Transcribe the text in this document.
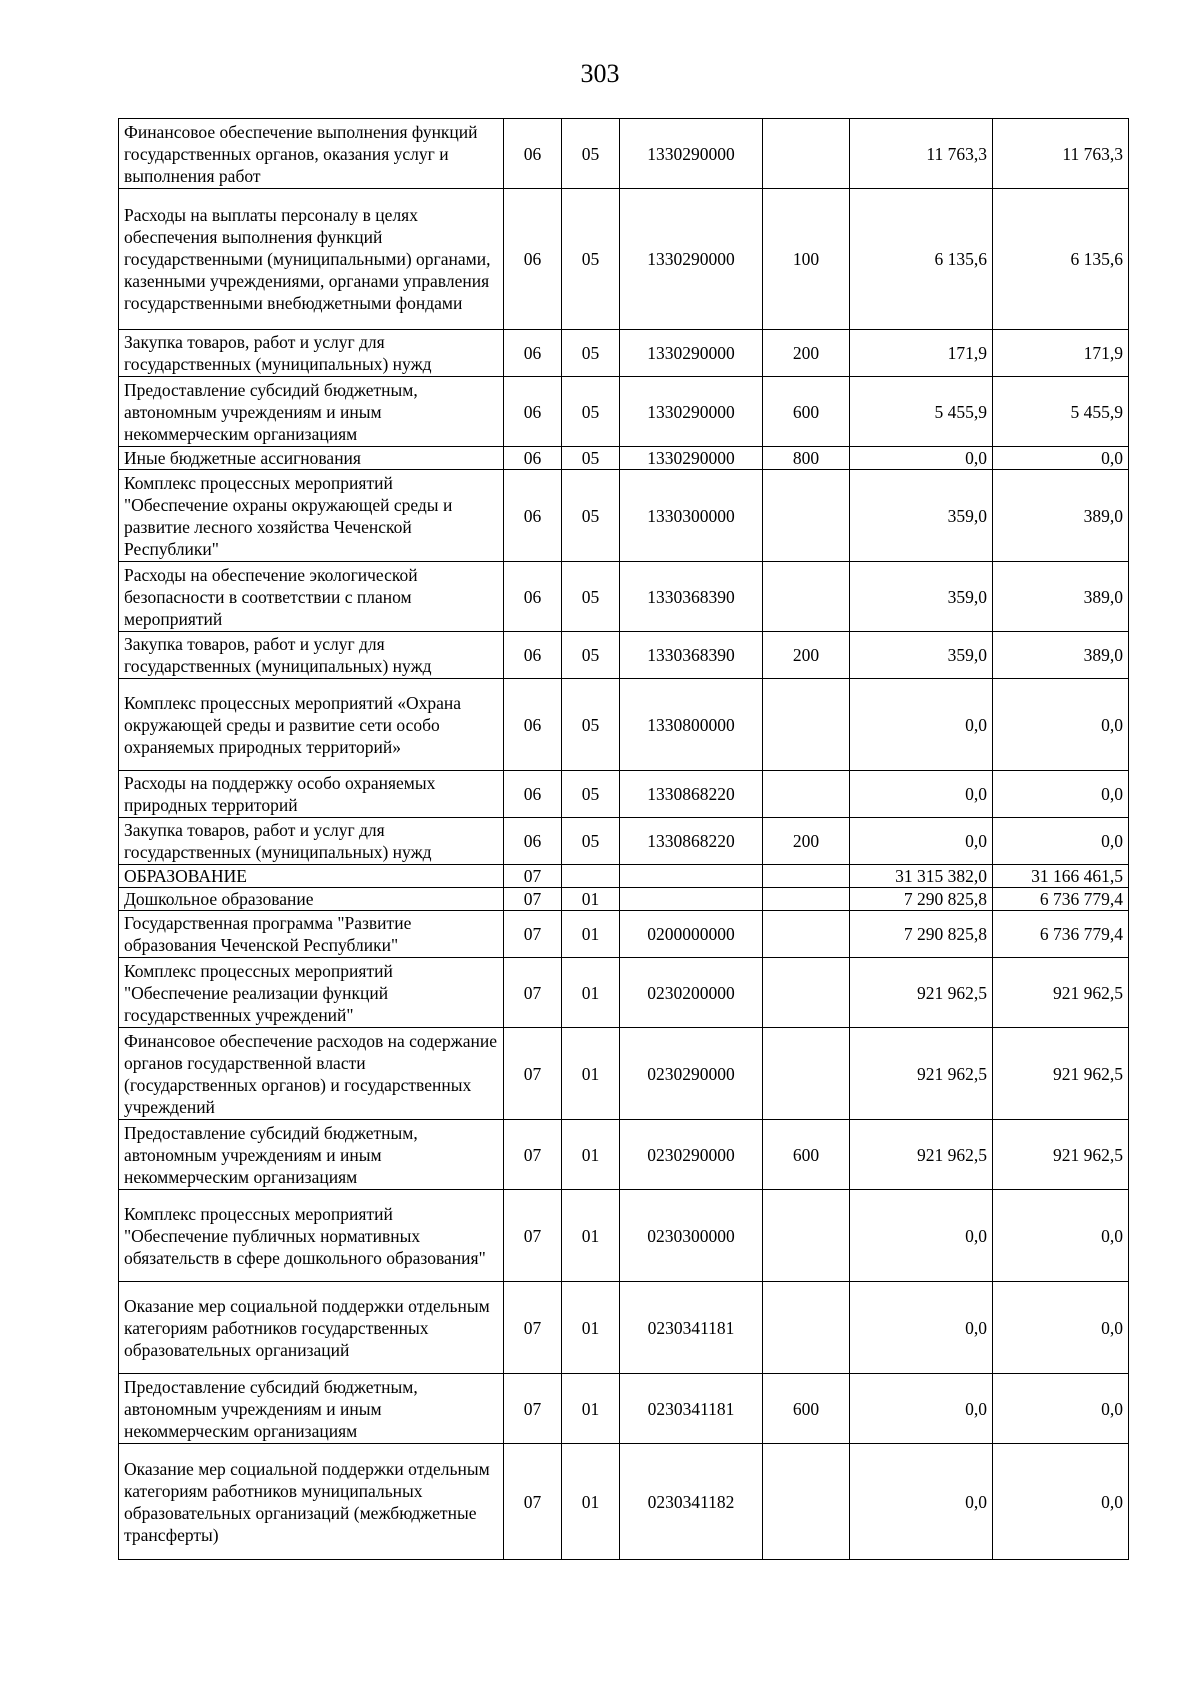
303
Финансовое обеспечение выполнения функций государственных органов, оказания услуг и выполнения работ	06	05	1330290000		11 763,3	11 763,3
Расходы на выплаты персоналу в целях обеспечения выполнения функций государственными (муниципальными) органами, казенными учреждениями, органами управления государственными внебюджетными фондами	06	05	1330290000	100	6 135,6	6 135,6
Закупка товаров, работ и услуг для государственных (муниципальных) нужд	06	05	1330290000	200	171,9	171,9
Предоставление субсидий бюджетным, автономным учреждениям и иным некоммерческим организациям	06	05	1330290000	600	5 455,9	5 455,9
Иные бюджетные ассигнования	06	05	1330290000	800	0,0	0,0
Комплекс процессных мероприятий "Обеспечение охраны окружающей среды и развитие лесного хозяйства Чеченской Республики"	06	05	1330300000		359,0	389,0
Расходы на обеспечение экологической безопасности в соответствии с планом мероприятий	06	05	1330368390		359,0	389,0
Закупка товаров, работ и услуг для государственных (муниципальных) нужд	06	05	1330368390	200	359,0	389,0
Комплекс процессных мероприятий «Охрана окружающей среды и развитие сети особо охраняемых природных территорий»	06	05	1330800000		0,0	0,0
Расходы на поддержку особо охраняемых природных территорий	06	05	1330868220		0,0	0,0
Закупка товаров, работ и услуг для государственных (муниципальных) нужд	06	05	1330868220	200	0,0	0,0
ОБРАЗОВАНИЕ	07				31 315 382,0	31 166 461,5
Дошкольное образование	07	01			7 290 825,8	6 736 779,4
Государственная программа "Развитие образования Чеченской Республики"	07	01	0200000000		7 290 825,8	6 736 779,4
Комплекс процессных мероприятий "Обеспечение реализации функций государственных учреждений"	07	01	0230200000		921 962,5	921 962,5
Финансовое обеспечение расходов на содержание органов государственной власти (государственных органов) и государственных учреждений	07	01	0230290000		921 962,5	921 962,5
Предоставление субсидий бюджетным, автономным учреждениям и иным некоммерческим организациям	07	01	0230290000	600	921 962,5	921 962,5
Комплекс процессных мероприятий "Обеспечение публичных нормативных обязательств в сфере дошкольного образования"	07	01	0230300000		0,0	0,0
Оказание мер социальной поддержки отдельным категориям работников государственных образовательных организаций	07	01	0230341181		0,0	0,0
Предоставление субсидий бюджетным, автономным учреждениям и иным некоммерческим организациям	07	01	0230341181	600	0,0	0,0
Оказание мер социальной поддержки отдельным категориям работников муниципальных образовательных организаций (межбюджетные трансферты)	07	01	0230341182		0,0	0,0
